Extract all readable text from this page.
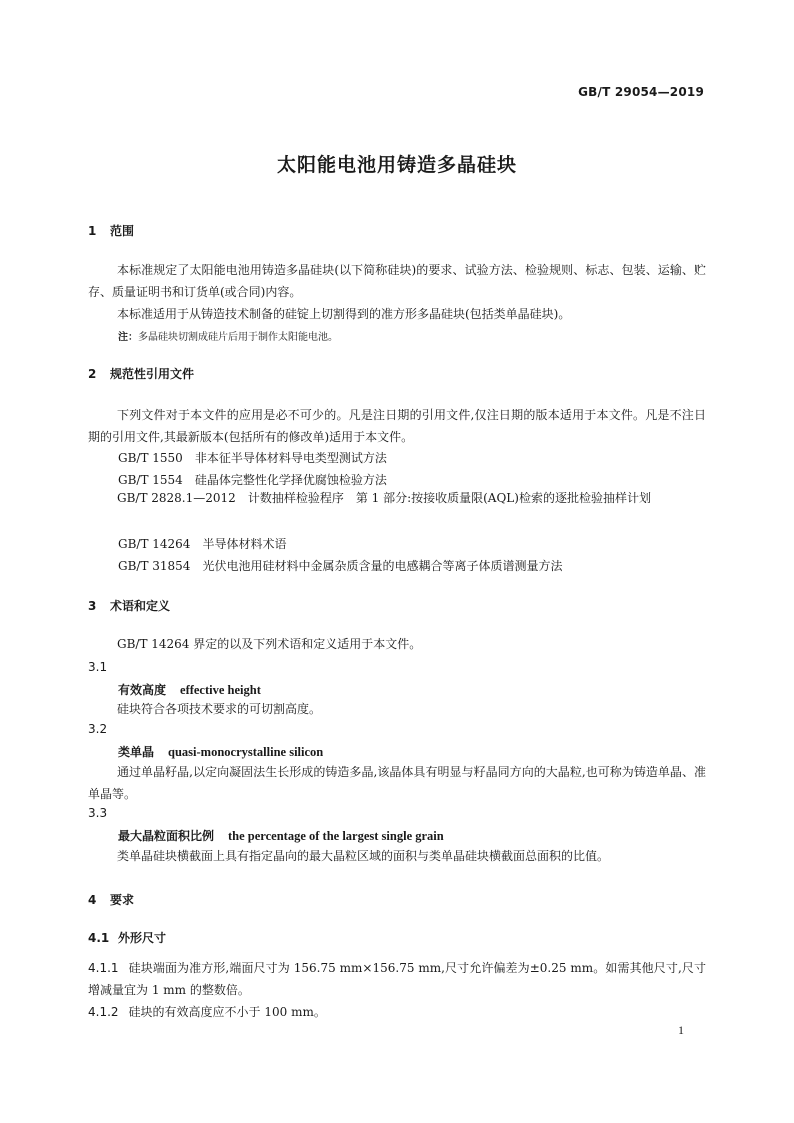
GB/T 29054—2019
太阳能电池用铸造多晶硅块
1 范围

本标准规定了太阳能电池用铸造多晶硅块(以下简称硅块)的要求、试验方法、检验规则、标志、包装、运输、贮存、质量证明书和订货单(或合同)内容。

本标准适用于从铸造技术制备的硅锭上切割得到的准方形多晶硅块(包括类单晶硅块)。

注：多晶硅块切割成硅片后用于制作太阳能电池。
2 规范性引用文件

下列文件对于本文件的应用是必不可少的。凡是注日期的引用文件,仅注日期的版本适用于本文件。凡是不注日期的引用文件,其最新版本(包括所有的修改单)适用于本文件。

GB/T 1550 非本征半导体材料导电类型测试方法
GB/T 1554 硅晶体完整性化学择优腐蚀检验方法

GB/T 2828.1—2012　 计数抽样检验程序　第 1 部分:按接收质量限(AQL)检索的逐批检验抽样计划

GB/T 14264 半导体材料术语
GB/T 31854 光伏电池用硅材料中金属杂质含量的电感耦合等离子体质谱测量方法
3 术语和定义

GB/T 14264 界定的以及下列术语和定义适用于本文件。

3.1
有效高度 effective height

硅块符合各项技术要求的可切割高度。

3.2
类单晶 quasi-monocrystalline silicon

通过单晶籽晶,以定向凝固法生长形成的铸造多晶,该晶体具有明显与籽晶同方向的大晶粒,也可称为铸造单晶、准单晶等。

3.3
最大晶粒面积比例 the percentage of the largest single grain

类单晶硅块横截面上具有指定晶向的最大晶粒区域的面积与类单晶硅块横截面总面积的比值。

4 要求
4.1 外形尺寸

4.1.1 硅块端面为准方形,端面尺寸为 156.75 mm×156.75 mm,尺寸允许偏差为±0.25 mm。如需其他尺寸,尺寸增减量宜为 1 mm 的整数倍。

4.1.2 硅块的有效高度应不小于 100 mm。

1
